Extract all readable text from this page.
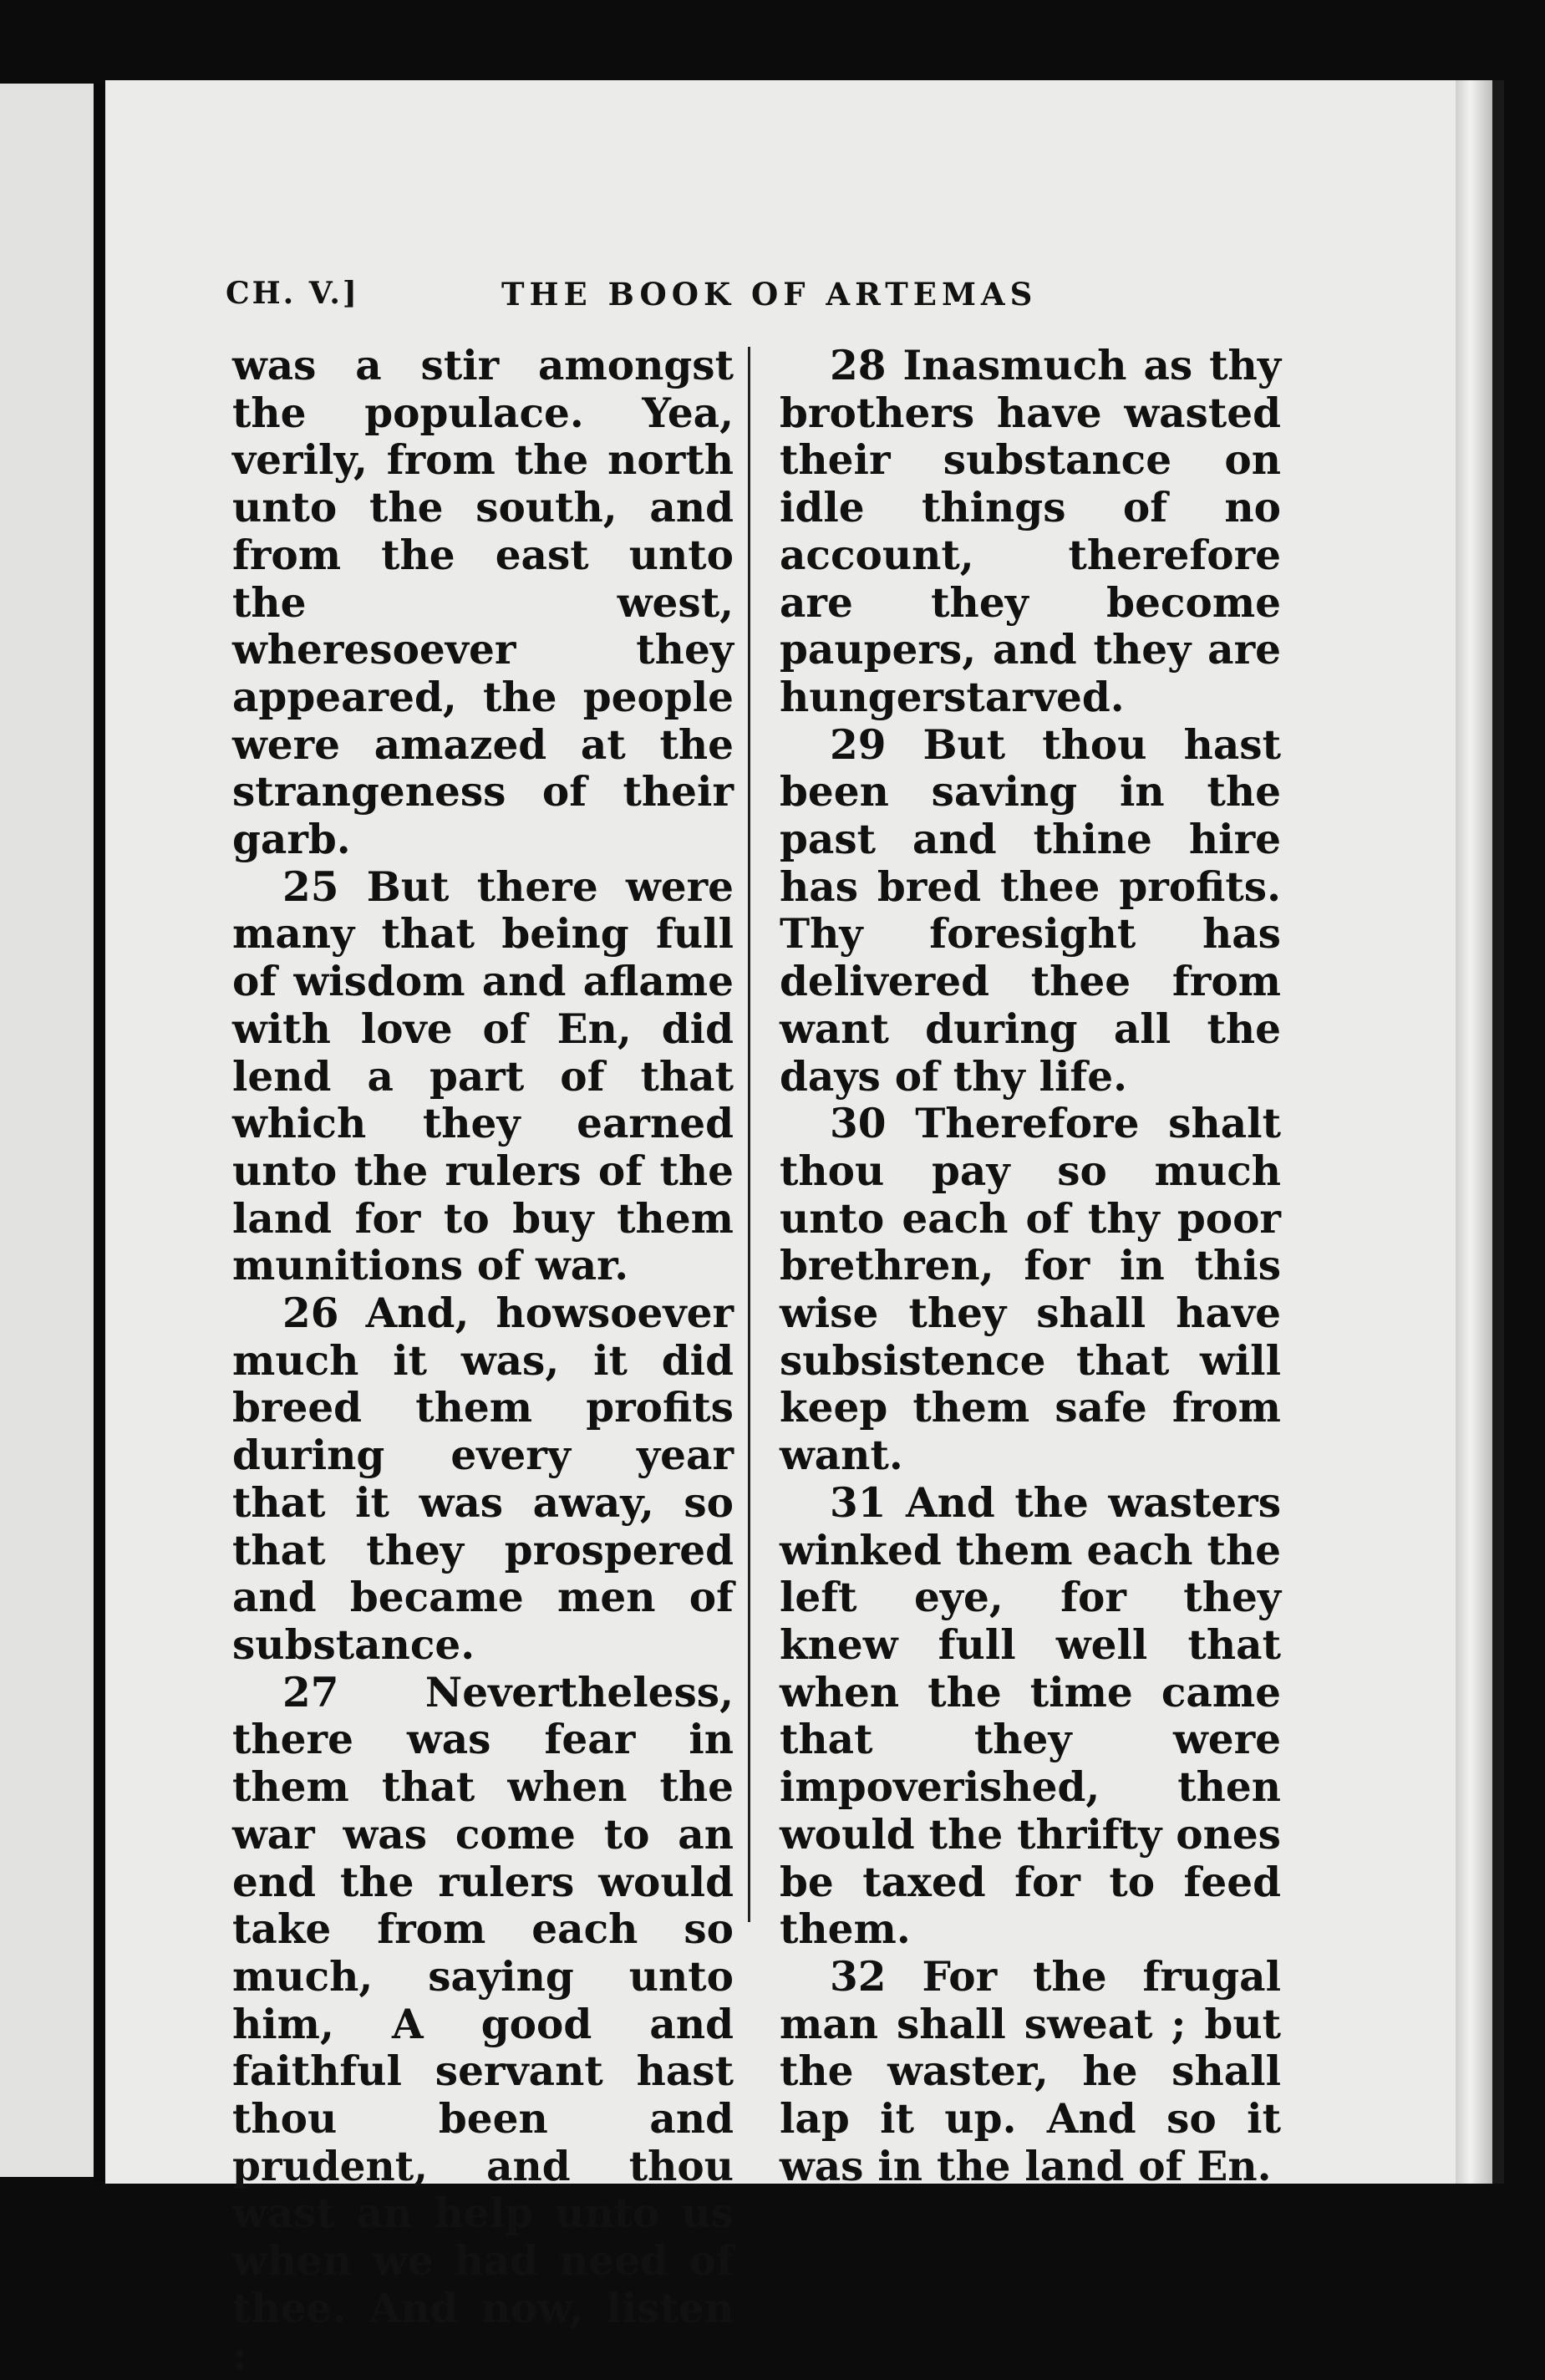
CH. V.]	THE BOOK OF ARTEMAS

was a stir amongst the populace. Yea, verily, from the north unto the south, and from the east unto the west, wheresoever they appeared, the people were amazed at the strangeness of their garb.

25 But there were many that being full of wisdom and aflame with love of En, did lend a part of that which they earned unto the rulers of the land for to buy them munitions of war.

26 And, howsoever much it was, it did breed them profits during every year that it was away, so that they prospered and became men of substance.

27 Nevertheless, there was fear in them that when the war was come to an end the rulers would take from each so much, saying unto him, A good and faithful servant hast thou been and prudent, and thou wast an help unto us when we had need of thee. And now, listen :

28 Inasmuch as thy brothers have wasted their substance on idle things of no account, therefore are they become paupers, and they are hungerstarved.

29 But thou hast been saving in the past and thine hire has bred thee profits. Thy foresight has delivered thee from want during all the days of thy life.

30 Therefore shalt thou pay so much unto each of thy poor brethren, for in this wise they shall have subsistence that will keep them safe from want.

31 And the wasters winked them each the left eye, for they knew full well that when the time came that they were impoverished, then would the thrifty ones be taxed for to feed them.

32 For the frugal man shall sweat ; but the waster, he shall lap it up. And so it was in the land of En.
